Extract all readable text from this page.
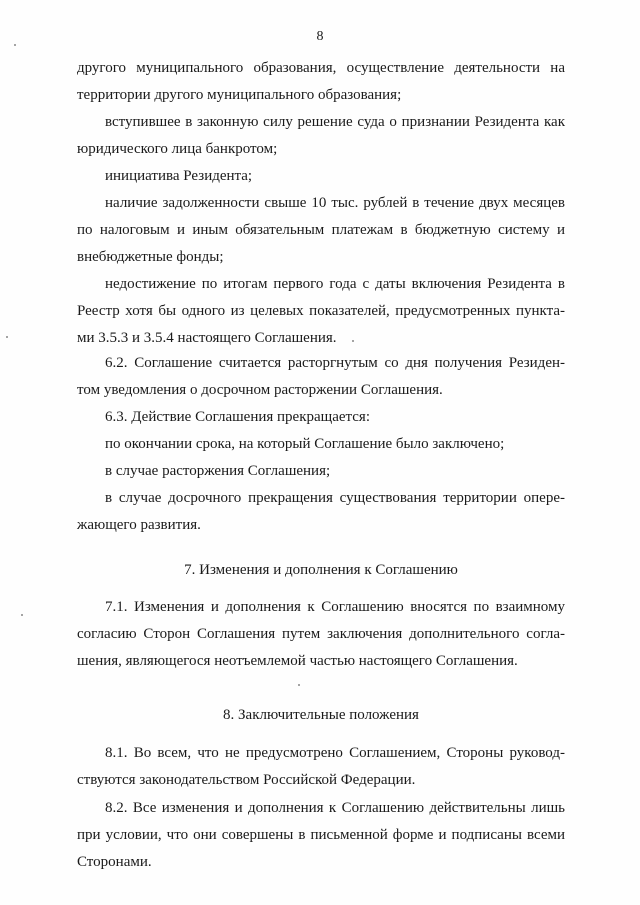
8

другого муниципального образования, осуществление деятельности на
территории другого муниципального образования;

вступившее в законную силу решение суда о признании Резидента как
юридического лица банкротом;

инициатива Резидента;

наличие задолженности свыше 10 тыс. рублей в течение двух месяцев
по налоговым и иным обязательным платежам в бюджетную систему и
внебюджетные фонды;

недостижение по итогам первого года с даты включения Резидента в
Реестр хотя бы одного из целевых показателей, предусмотренных пункта-
ми 3.5.3 и 3.5.4 настоящего Соглашения.

6.2. Соглашение считается расторгнутым со дня получения Резиден-
том уведомления о досрочном расторжении Соглашения.

6.3. Действие Соглашения прекращается:

по окончании срока, на который Соглашение было заключено;

в случае расторжения Соглашения;

в случае досрочного прекращения существования территории опере-
жающего развития.

7. Изменения и дополнения к Соглашению

7.1. Изменения и дополнения к Соглашению вносятся по взаимному
согласию Сторон Соглашения путем заключения дополнительного согла-
шения, являющегося неотъемлемой частью настоящего Соглашения.

8. Заключительные положения

8.1. Во всем, что не предусмотрено Соглашением, Стороны руковод-
ствуются законодательством Российской Федерации.

8.2. Все изменения и дополнения к Соглашению действительны лишь
при условии, что они совершены в письменной форме и подписаны всеми
Сторонами.
